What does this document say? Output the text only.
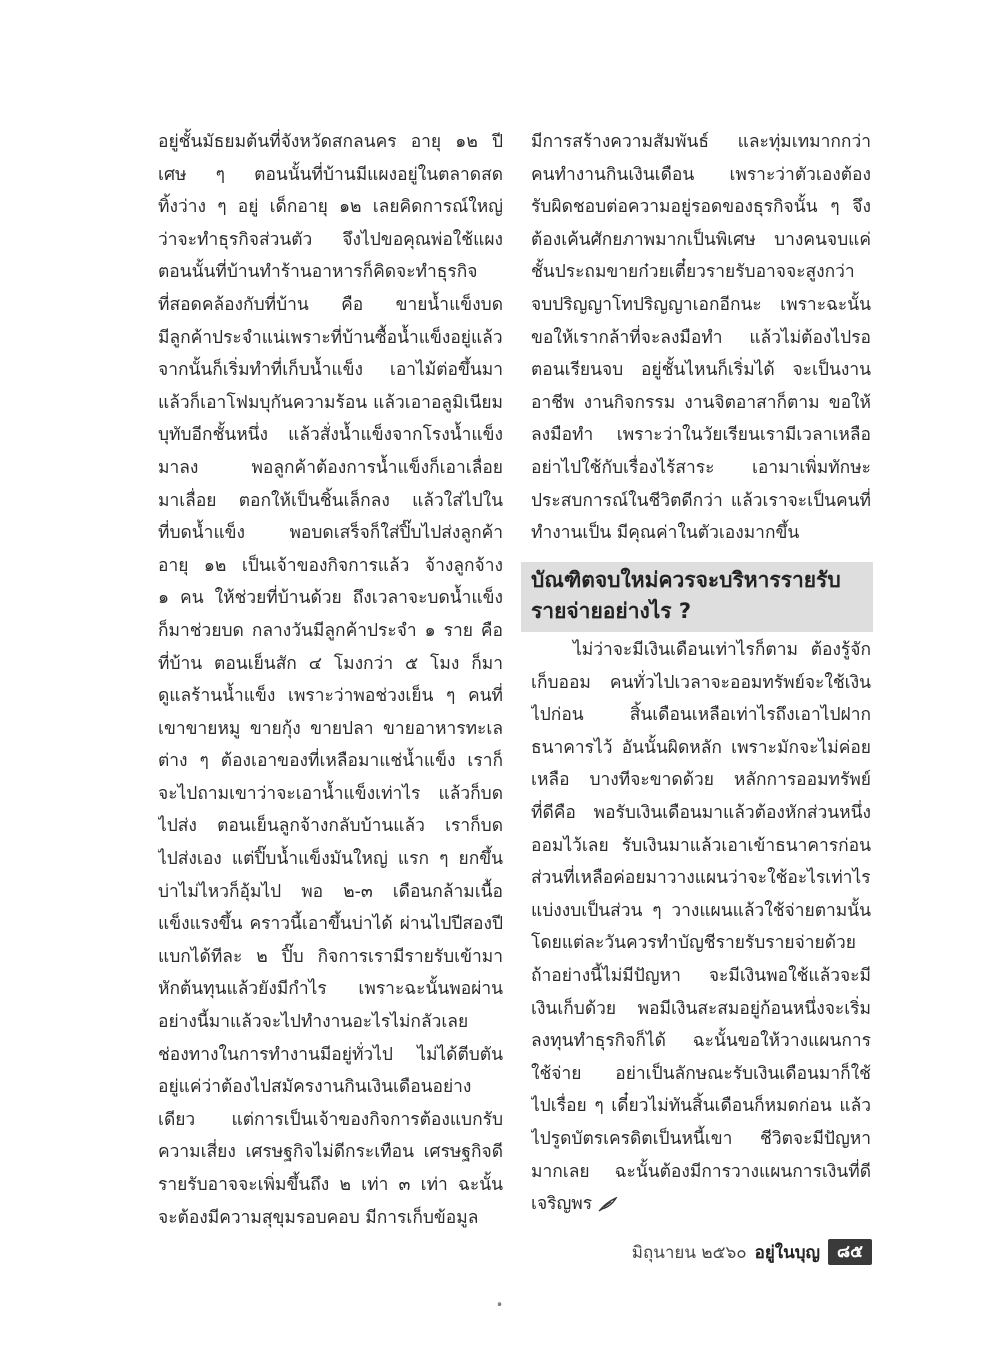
อยู่ชั้นมัธยมต้นที่จังหวัดสกลนคร อายุ ๑๒ ปี
เศษ ๆ ตอนนั้นที่บ้านมีแผงอยู่ในตลาดสด
ทิ้งว่าง ๆ อยู่ เด็กอายุ ๑๒ เลยคิดการณ์ใหญ่
ว่าจะทำธุรกิจส่วนตัว จึงไปขอคุณพ่อใช้แผง
ตอนนั้นที่บ้านทำร้านอาหารก็คิดจะทำธุรกิจ
ที่สอดคล้องกับที่บ้าน คือ ขายน้ำแข็งบด
มีลูกค้าประจำแน่เพราะที่บ้านซื้อน้ำแข็งอยู่แล้ว
จากนั้นก็เริ่มทำที่เก็บน้ำแข็ง เอาไม้ต่อขึ้นมา
แล้วก็เอาโฟมบุกันความร้อน แล้วเอาอลูมิเนียม
บุทับอีกชั้นหนึ่ง แล้วสั่งน้ำแข็งจากโรงน้ำแข็ง
มาลง พอลูกค้าต้องการน้ำแข็งก็เอาเลื่อย
มาเลื่อย ตอกให้เป็นชิ้นเล็กลง แล้วใส่ไปใน
ที่บดน้ำแข็ง พอบดเสร็จก็ใส่ปิ๊บไปส่งลูกค้า
อายุ ๑๒ เป็นเจ้าของกิจการแล้ว จ้างลูกจ้าง
๑ คน ให้ช่วยที่บ้านด้วย ถึงเวลาจะบดน้ำแข็ง
ก็มาช่วยบด กลางวันมีลูกค้าประจำ ๑ ราย คือ
ที่บ้าน ตอนเย็นสัก ๔ โมงกว่า ๕ โมง ก็มา
ดูแลร้านน้ำแข็ง เพราะว่าพอช่วงเย็น ๆ คนที่
เขาขายหมู ขายกุ้ง ขายปลา ขายอาหารทะเล
ต่าง ๆ ต้องเอาของที่เหลือมาแช่น้ำแข็ง เราก็
จะไปถามเขาว่าจะเอาน้ำแข็งเท่าไร แล้วก็บด
ไปส่ง ตอนเย็นลูกจ้างกลับบ้านแล้ว เราก็บด
ไปส่งเอง แต่ปิ๊บน้ำแข็งมันใหญ่ แรก ๆ ยกขึ้น
บ่าไม่ไหวก็อุ้มไป พอ ๒-๓ เดือนกล้ามเนื้อ
แข็งแรงขึ้น คราวนี้เอาขึ้นบ่าได้ ผ่านไปปีสองปี
แบกได้ทีละ ๒ ปิ๊บ กิจการเรามีรายรับเข้ามา
หักต้นทุนแล้วยังมีกำไร เพราะฉะนั้นพอผ่าน
อย่างนี้มาแล้วจะไปทำงานอะไรไม่กลัวเลย
ช่องทางในการทำงานมีอยู่ทั่วไป ไม่ได้ตีบตัน
อยู่แค่ว่าต้องไปสมัครงานกินเงินเดือนอย่าง
เดียว แต่การเป็นเจ้าของกิจการต้องแบกรับ
ความเสี่ยง เศรษฐกิจไม่ดีกระเทือน เศรษฐกิจดี
รายรับอาจจะเพิ่มขึ้นถึง ๒ เท่า ๓ เท่า ฉะนั้น
จะต้องมีความสุขุมรอบคอบ มีการเก็บข้อมูล
มีการสร้างความสัมพันธ์ และทุ่มเทมากกว่า
คนทำงานกินเงินเดือน เพราะว่าตัวเองต้อง
รับผิดชอบต่อความอยู่รอดของธุรกิจนั้น ๆ จึง
ต้องเค้นศักยภาพมากเป็นพิเศษ บางคนจบแค่
ชั้นประถมขายก๋วยเตี๋ยวรายรับอาจจะสูงกว่า
จบปริญญาโทปริญญาเอกอีกนะ เพราะฉะนั้น
ขอให้เรากล้าที่จะลงมือทำ แล้วไม่ต้องไปรอ
ตอนเรียนจบ อยู่ชั้นไหนก็เริ่มได้ จะเป็นงาน
อาชีพ งานกิจกรรม งานจิตอาสาก็ตาม ขอให้
ลงมือทำ เพราะว่าในวัยเรียนเรามีเวลาเหลือ
อย่าไปใช้กับเรื่องไร้สาระ เอามาเพิ่มทักษะ
ประสบการณ์ในชีวิตดีกว่า แล้วเราจะเป็นคนที่
ทำงานเป็น มีคุณค่าในตัวเองมากขึ้น
บัณฑิตจบใหม่ควรจะบริหารรายรับ
รายจ่ายอย่างไร ?
ไม่ว่าจะมีเงินเดือนเท่าไรก็ตาม ต้องรู้จัก
เก็บออม คนทั่วไปเวลาจะออมทรัพย์จะใช้เงิน
ไปก่อน สิ้นเดือนเหลือเท่าไรถึงเอาไปฝาก
ธนาคารไว้ อันนั้นผิดหลัก เพราะมักจะไม่ค่อย
เหลือ บางทีจะขาดด้วย หลักการออมทรัพย์
ที่ดีคือ พอรับเงินเดือนมาแล้วต้องหักส่วนหนึ่ง
ออมไว้เลย รับเงินมาแล้วเอาเข้าธนาคารก่อน
ส่วนที่เหลือค่อยมาวางแผนว่าจะใช้อะไรเท่าไร
แบ่งงบเป็นส่วน ๆ วางแผนแล้วใช้จ่ายตามนั้น
โดยแต่ละวันควรทำบัญชีรายรับรายจ่ายด้วย
ถ้าอย่างนี้ไม่มีปัญหา จะมีเงินพอใช้แล้วจะมี
เงินเก็บด้วย พอมีเงินสะสมอยู่ก้อนหนึ่งจะเริ่ม
ลงทุนทำธุรกิจก็ได้ ฉะนั้นขอให้วางแผนการ
ใช้จ่าย อย่าเป็นลักษณะรับเงินเดือนมาก็ใช้
ไปเรื่อย ๆ เดี๋ยวไม่ทันสิ้นเดือนก็หมดก่อน แล้ว
ไปรูดบัตรเครดิตเป็นหนี้เขา ชีวิตจะมีปัญหา
มากเลย ฉะนั้นต้องมีการวางแผนการเงินที่ดี
เจริญพร
มิถุนายน ๒๕๖๐ อยู่ในบุญ	๘๕
๑
